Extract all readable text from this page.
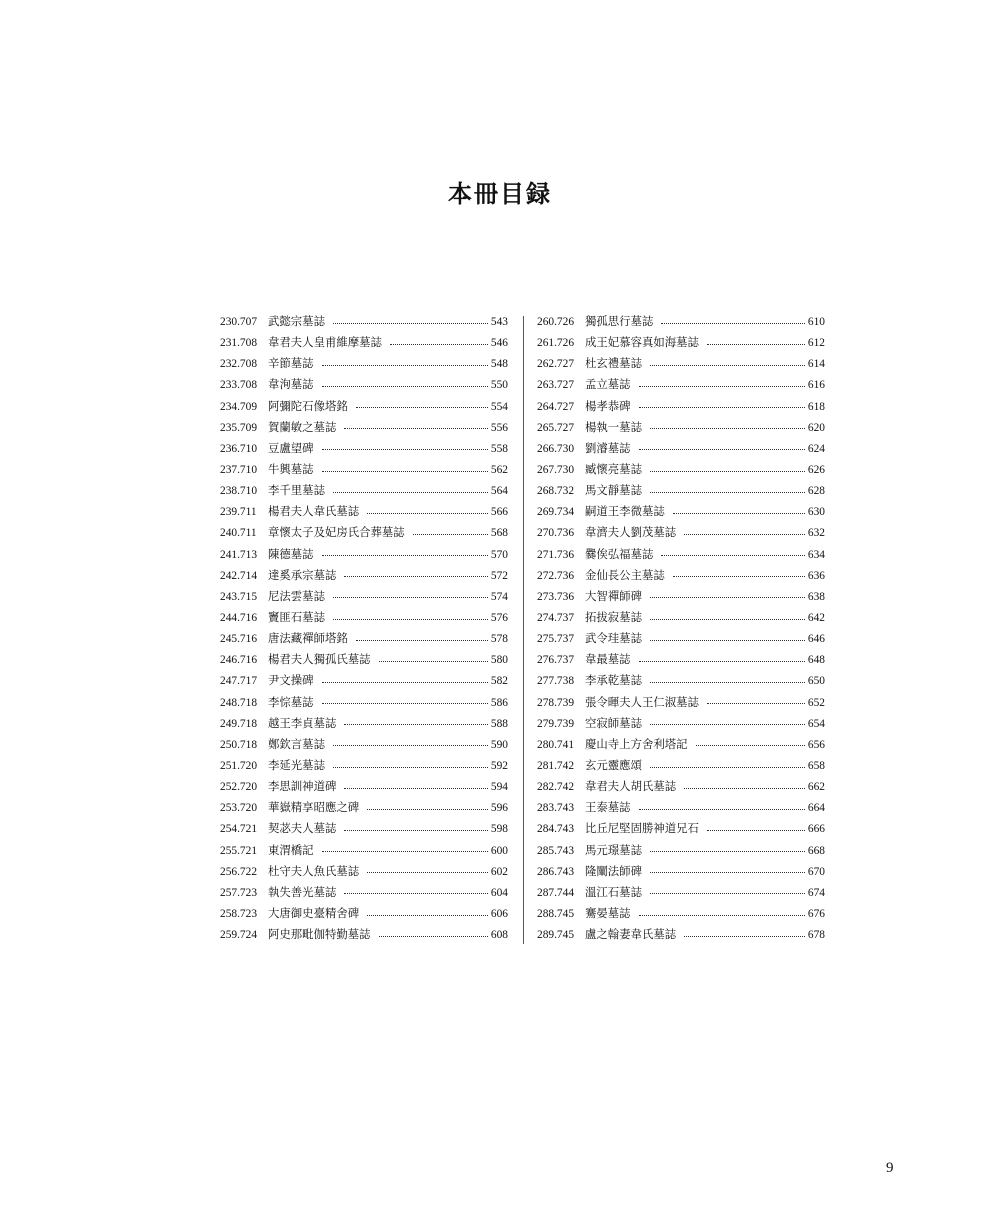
本冊目録
230.707 武懿宗墓誌	543
231.708 韋君夫人皇甫維摩墓誌	546
232.708 辛節墓誌	548
233.708 韋洵墓誌	550
234.709 阿彌陀石像塔銘	554
235.709 賀蘭敏之墓誌	556
236.710 豆盧望碑	558
237.710 牛興墓誌	562
238.710 李千里墓誌	564
239.711 楊君夫人韋氏墓誌	566
240.711 章懷太子及妃房氏合葬墓誌	568
241.713 陳德墓誌	570
242.714 達奚承宗墓誌	572
243.715 尼法雲墓誌	574
244.716 竇匪石墓誌	576
245.716 唐法藏禪師塔銘	578
246.716 楊君夫人獨孤氏墓誌	580
247.717 尹文操碑	582
248.718 李悰墓誌	586
249.718 越王李貞墓誌	588
250.718 鄭欽言墓誌	590
251.720 李延光墓誌	592
252.720 李思訓神道碑	594
253.720 華嶽精享昭應之碑	596
254.721 契苾夫人墓誌	598
255.721 東渭橋記	600
256.722 杜守夫人魚氏墓誌	602
257.723 執失善光墓誌	604
258.723 大唐御史臺精舍碑	606
259.724 阿史那毗伽特勤墓誌	608
260.726 獨孤思行墓誌	610
261.726 成王妃慕容真如海墓誌	612
262.727 杜玄禮墓誌	614
263.727 孟立墓誌	616
264.727 楊孝恭碑	618
265.727 楊執一墓誌	620
266.730 劉濬墓誌	624
267.730 臧懷亮墓誌	626
268.732 馬文靜墓誌	628
269.734 嗣道王李微墓誌	630
270.736 韋濟夫人劉茂墓誌	632
271.736 爨俟弘福墓誌	634
272.736 金仙長公主墓誌	636
273.736 大智禪師碑	638
274.737 拓拔寂墓誌	642
275.737 武令珪墓誌	646
276.737 韋最墓誌	648
277.738 李承乾墓誌	650
278.739 張令暉夫人王仁淑墓誌	652
279.739 空寂師墓誌	654
280.741 慶山寺上方舍利塔記	656
281.742 玄元靈應頌	658
282.742 韋君夫人胡氏墓誌	662
283.743 王泰墓誌	664
284.743 比丘尼堅固勝神道兄石	666
285.743 馬元璟墓誌	668
286.743 隆闡法師碑	670
287.744 溫江石墓誌	674
288.745 騫晏墓誌	676
289.745 盧之翰妻韋氏墓誌	678
9
